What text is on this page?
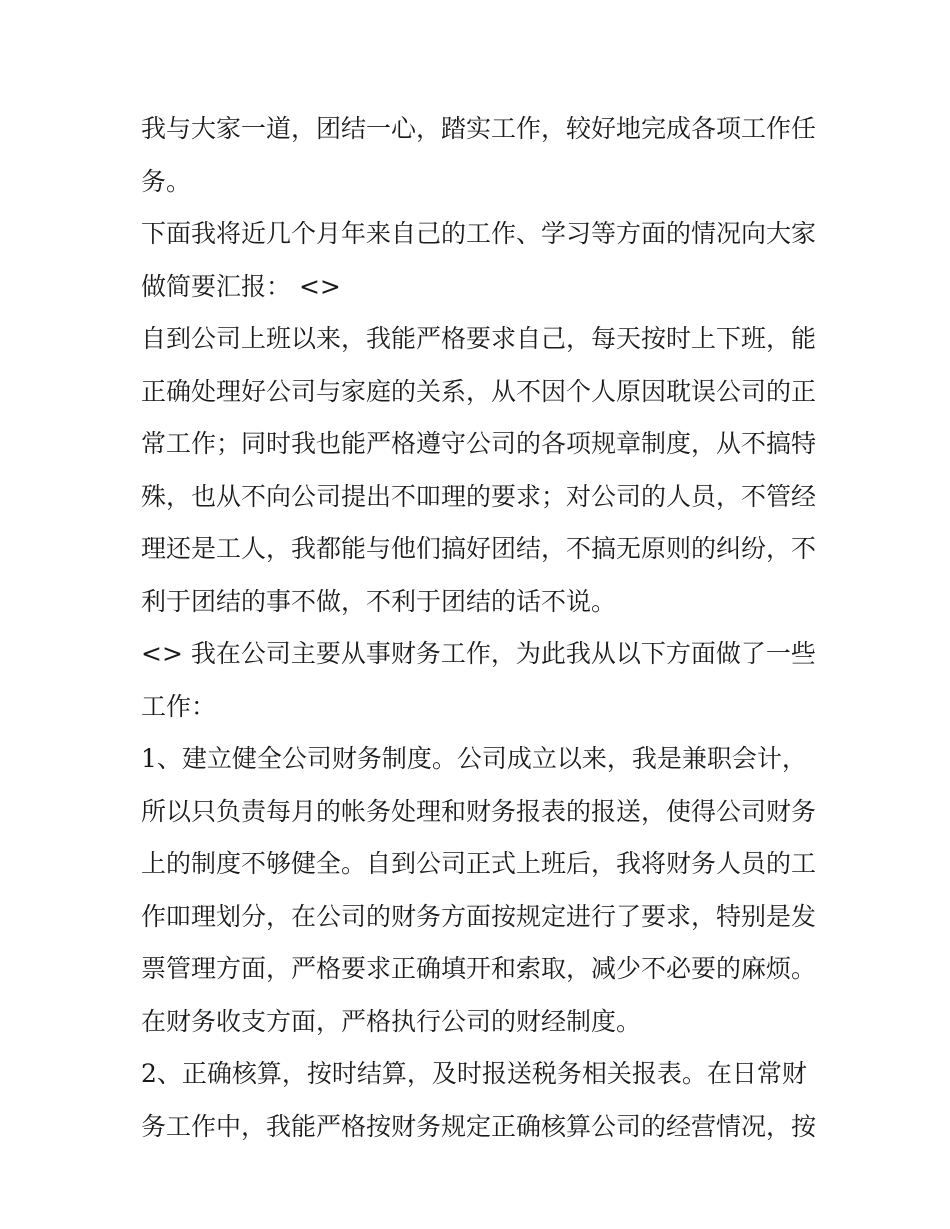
我与大家一道，团结一心，踏实工作，较好地完成各项工作任务。

下面我将近几个月年来自己的工作、学习等方面的情况向大家做简要汇报： <>

自到公司上班以来，我能严格要求自己，每天按时上下班，能正确处理好公司与家庭的关系，从不因个人原因耽误公司的正常工作；同时我也能严格遵守公司的各项规章制度，从不搞特殊，也从不向公司提出不吅理的要求；对公司的人员，不管经理还是工人，我都能与他们搞好团结，不搞无原则的纠纷，不利于团结的事不做，不利于团结的话不说。

<> 我在公司主要从事财务工作，为此我从以下方面做了一些工作：

1、建立健全公司财务制度。公司成立以来，我是兼职会计，所以只负责每月的帐务处理和财务报表的报送，使得公司财务上的制度不够健全。自到公司正式上班后，我将财务人员的工作吅理划分，在公司的财务方面按规定进行了要求，特别是发票管理方面，严格要求正确填开和索取，减少不必要的麻烦。在财务收支方面，严格执行公司的财经制度。

2、正确核算，按时结算，及时报送税务相关报表。在日常财务工作中，我能严格按财务规定正确核算公司的经营情况，按
